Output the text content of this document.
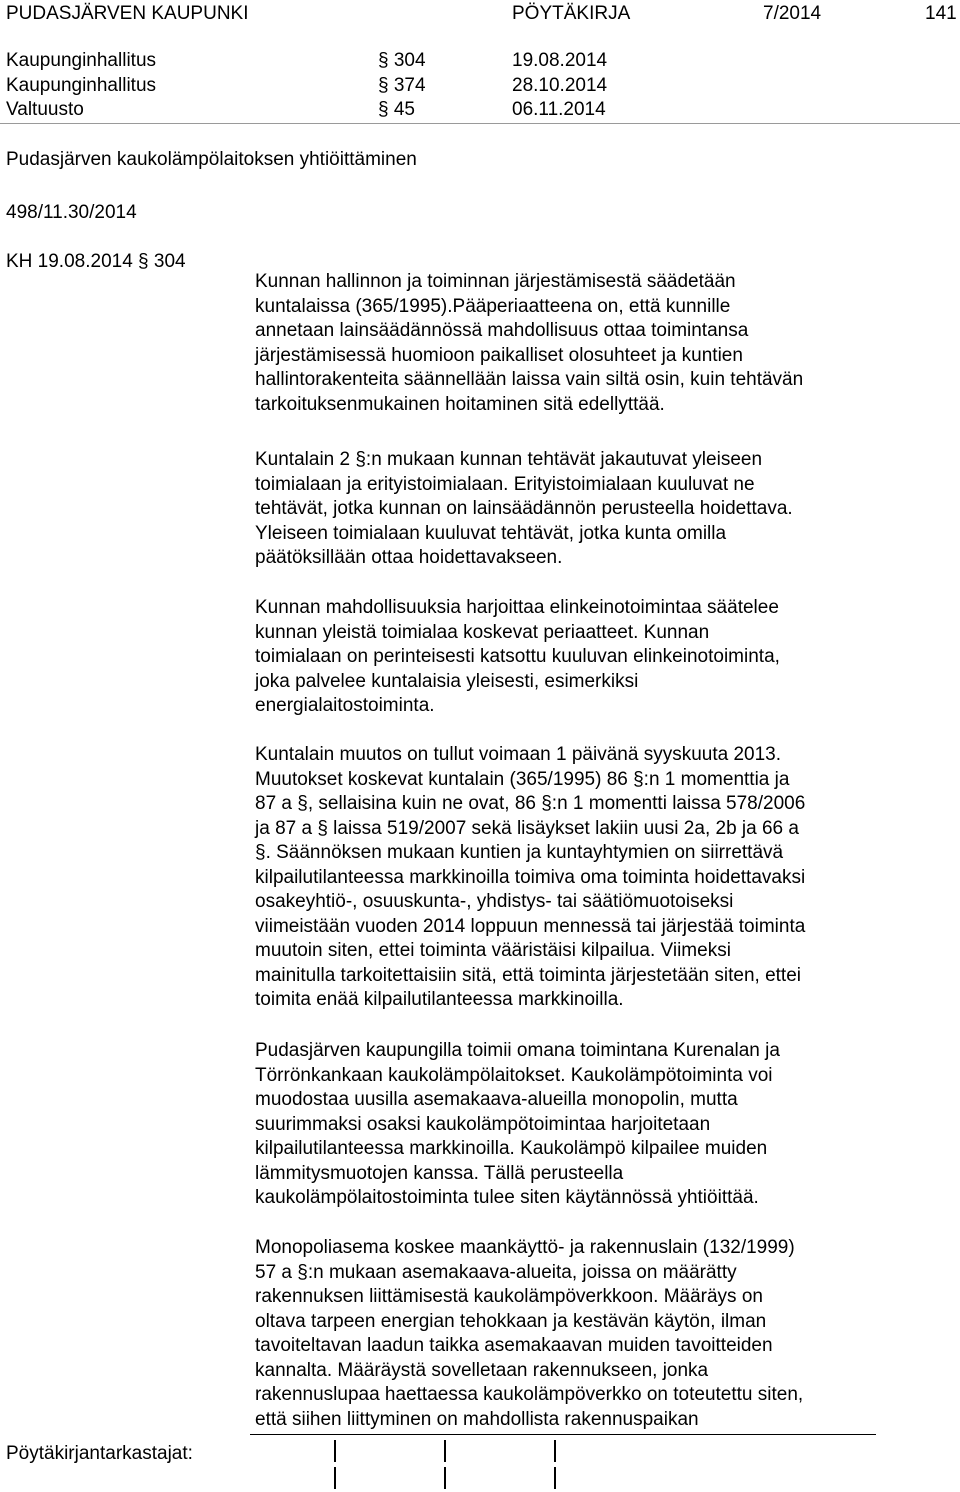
PUDASJÄRVEN KAUPUNKI	PÖYTÄKIRJA	7/2014	141
Kaupunginhallitus	§ 304	19.08.2014
Kaupunginhallitus	§ 374	28.10.2014
Valtuusto	§ 45	06.11.2014
Pudasjärven kaukolämpölaitoksen yhtiöittäminen
498/11.30/2014
KH 19.08.2014 § 304
Kunnan hallinnon ja toiminnan järjestämisestä säädetään
kuntalaissa (365/1995).Pääperiaatteena on, että kunnille
annetaan lainsäädännössä mahdollisuus ottaa toimintansa
järjestämisessä huomioon paikalliset olosuhteet ja kuntien
hallintorakenteita säännellään laissa vain siltä osin, kuin tehtävän
tarkoituksenmukainen hoitaminen sitä edellyttää.
Kuntalain 2 §:n mukaan kunnan tehtävät jakautuvat yleiseen
toimialaan ja erityistoimialaan. Erityistoimialaan kuuluvat ne
tehtävät, jotka kunnan on lainsäädännön perusteella hoidettava.
Yleiseen toimialaan kuuluvat tehtävät, jotka kunta omilla
päätöksillään ottaa hoidettavakseen.
Kunnan mahdollisuuksia harjoittaa elinkeinotoimintaa säätelee
kunnan yleistä toimialaa koskevat periaatteet. Kunnan
toimialaan on perinteisesti katsottu kuuluvan elinkeinotoiminta,
joka palvelee kuntalaisia yleisesti, esimerkiksi
energialaitostoiminta.
Kuntalain muutos on tullut voimaan 1 päivänä syyskuuta 2013.
Muutokset koskevat kuntalain (365/1995) 86 §:n 1 momenttia ja
87 a §, sellaisina kuin ne ovat, 86 §:n 1 momentti laissa 578/2006
ja 87 a § laissa 519/2007 sekä lisäykset lakiin uusi 2a, 2b ja 66 a
§. Säännöksen mukaan kuntien ja kuntayhtymien on siirrettävä
kilpailutilanteessa markkinoilla toimiva oma toiminta hoidettavaksi
osakeyhtiö-, osuuskunta-, yhdistys- tai säätiömuotoiseksi
viimeistään vuoden 2014 loppuun mennessä tai järjestää toiminta
muutoin siten, ettei toiminta vääristäisi kilpailua. Viimeksi
mainitulla tarkoitettaisiin sitä, että toiminta järjestetään siten, ettei
toimita enää kilpailutilanteessa markkinoilla.
Pudasjärven kaupungilla toimii omana toimintana Kurenalan ja
Törrönkankaan kaukolämpölaitokset. Kaukolämpötoiminta voi
muodostaa uusilla asemakaava-alueilla monopolin, mutta
suurimmaksi osaksi kaukolämpötoimintaa harjoitetaan
kilpailutilanteessa markkinoilla. Kaukolämpö kilpailee muiden
lämmitysmuotojen kanssa. Tällä perusteella
kaukolämpölaitostoiminta tulee siten käytännössä yhtiöittää.
Monopoliasema koskee maankäyttö- ja rakennuslain (132/1999)
57 a §:n mukaan asemakaava-alueita, joissa on määrätty
rakennuksen liittämisestä kaukolämpöverkkoon. Määräys on
oltava tarpeen energian tehokkaan ja kestävän käytön, ilman
tavoiteltavan laadun taikka asemakaavan muiden tavoitteiden
kannalta. Määräystä sovelletaan rakennukseen, jonka
rakennuslupaa haettaessa kaukolämpöverkko on toteutettu siten,
että siihen liittyminen on mahdollista rakennuspaikan
Pöytäkirjantarkastajat:
